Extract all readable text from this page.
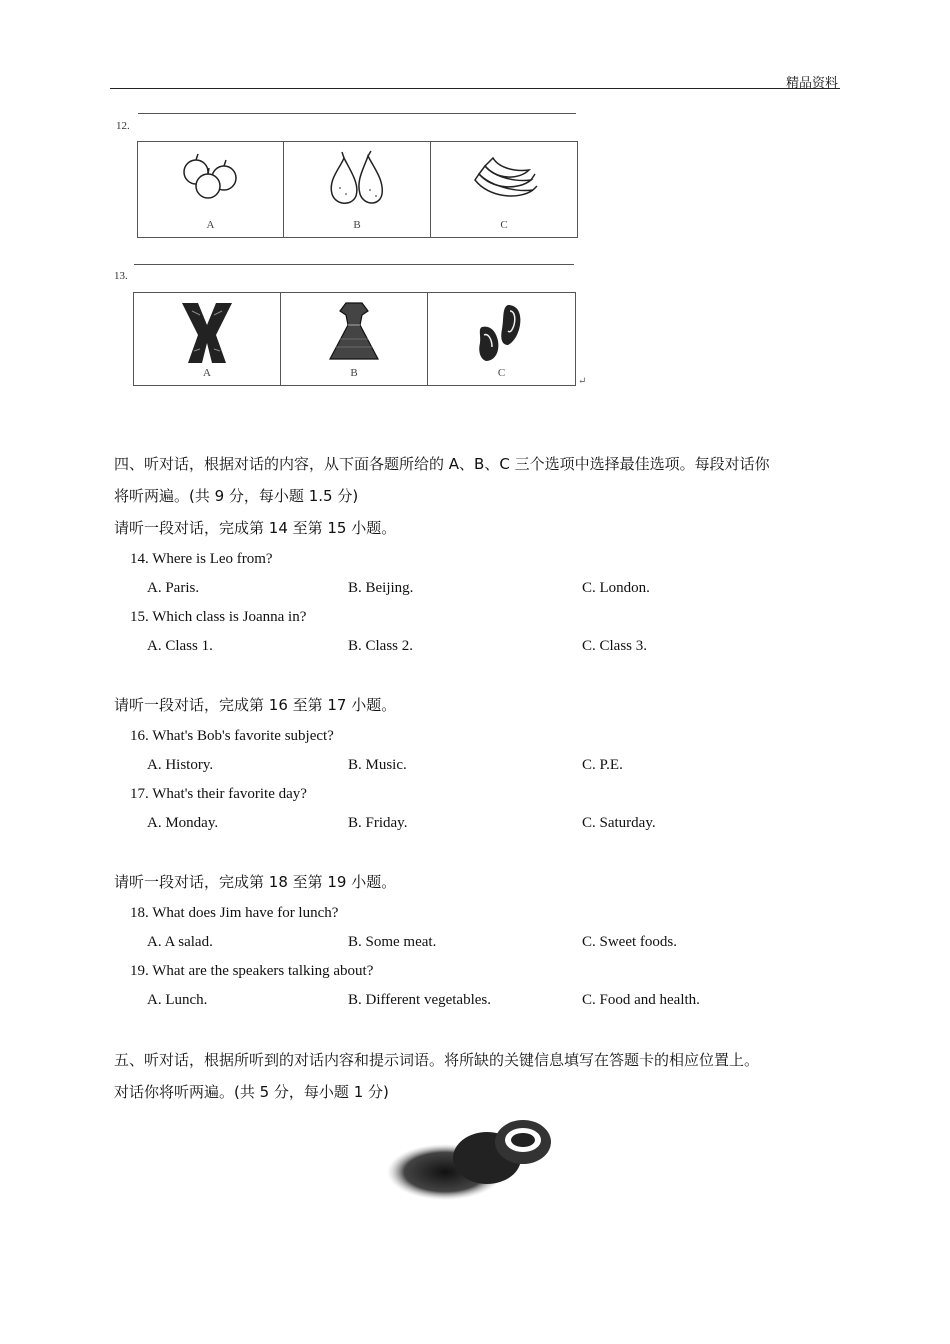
精品资料
12.
A	B	C
13.
A	B	C
↵
四、听对话，根据对话的内容，从下面各题所给的 A、B、C 三个选项中选择最佳选项。每段对话你
将听两遍。(共 9 分，每小题 1.5 分)
请听一段对话，完成第 14 至第 15 小题。
14. Where is Leo from?
A. Paris.	B. Beijing.	C. London.
15. Which class is Joanna in?
A. Class 1.	B. Class 2.	C. Class 3.
请听一段对话，完成第 16 至第 17 小题。
16. What's Bob's favorite subject?
A. History.	B. Music.	C. P.E.
17. What's their favorite day?
A. Monday.	B. Friday.	C. Saturday.
请听一段对话，完成第 18 至第 19 小题。
18. What does Jim have for lunch?
A. A salad.	B. Some meat.	C. Sweet foods.
19. What are the speakers talking about?
A. Lunch.	B. Different vegetables.	C. Food and health.
五、听对话，根据所听到的对话内容和提示词语。将所缺的关键信息填写在答题卡的相应位置上。
对话你将听两遍。(共 5 分，每小题 1 分)
